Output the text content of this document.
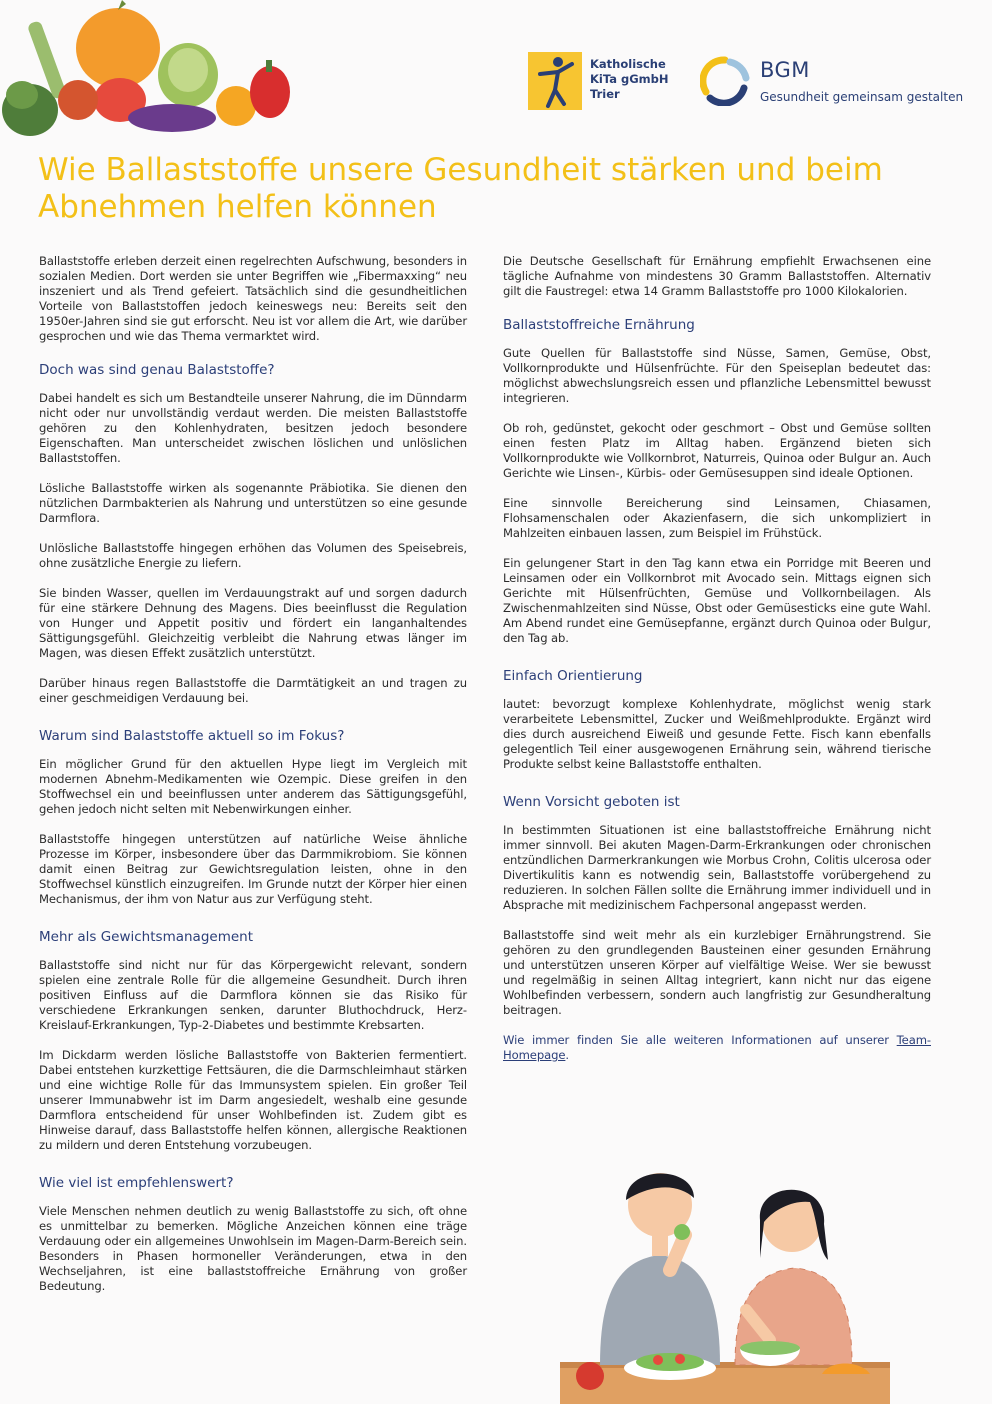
Katholische
KiTa gGmbH
Trier
BGM
Gesundheit gemeinsam gestalten
Wie Ballaststoffe unsere Gesundheit stärken und beim Abnehmen helfen können

Ballaststoffe erleben derzeit einen regelrechten Aufschwung, besonders in sozialen Medien. Dort werden sie unter Begriffen wie „Fibermaxxing“ neu inszeniert und als Trend gefeiert. Tatsächlich sind die gesundheitlichen Vorteile von Ballaststoffen jedoch keineswegs neu: Bereits seit den 1950er-Jahren sind sie gut erforscht. Neu ist vor allem die Art, wie darüber gesprochen und wie das Thema vermarktet wird.

Doch was sind genau Balaststoffe?

Dabei handelt es sich um Bestandteile unserer Nahrung, die im Dünndarm nicht oder nur unvollständig verdaut werden. Die meisten Ballaststoffe gehören zu den Kohlenhydraten, besitzen jedoch besondere Eigenschaften. Man unterscheidet zwischen löslichen und unlöslichen Ballaststoffen.

Lösliche Ballaststoffe wirken als sogenannte Präbiotika. Sie dienen den nützlichen Darmbakterien als Nahrung und unterstützen so eine gesunde Darmflora.

Unlösliche Ballaststoffe hingegen erhöhen das Volumen des Speisebreis, ohne zusätzliche Energie zu liefern.

Sie binden Wasser, quellen im Verdauungstrakt auf und sorgen dadurch für eine stärkere Dehnung des Magens. Dies beeinflusst die Regulation von Hunger und Appetit positiv und fördert ein langanhaltendes Sättigungsgefühl. Gleichzeitig verbleibt die Nahrung etwas länger im Magen, was diesen Effekt zusätzlich unterstützt.

Darüber hinaus regen Ballaststoffe die Darmtätigkeit an und tragen zu einer geschmeidigen Verdauung bei.

Warum sind Balaststoffe aktuell so im Fokus?

Ein möglicher Grund für den aktuellen Hype liegt im Vergleich mit modernen Abnehm-Medikamenten wie Ozempic. Diese greifen in den Stoffwechsel ein und beeinflussen unter anderem das Sättigungsgefühl, gehen jedoch nicht selten mit Nebenwirkungen einher.

Ballaststoffe hingegen unterstützen auf natürliche Weise ähnliche Prozesse im Körper, insbesondere über das Darmmikrobiom. Sie können damit einen Beitrag zur Gewichtsregulation leisten, ohne in den Stoffwechsel künstlich einzugreifen. Im Grunde nutzt der Körper hier einen Mechanismus, der ihm von Natur aus zur Verfügung steht.

Mehr als Gewichtsmanagement

Ballaststoffe sind nicht nur für das Körpergewicht relevant, sondern spielen eine zentrale Rolle für die allgemeine Gesundheit. Durch ihren positiven Einfluss auf die Darmflora können sie das Risiko für verschiedene Erkrankungen senken, darunter Bluthochdruck, Herz-Kreislauf-Erkrankungen, Typ-2-Diabetes und bestimmte Krebsarten.

Im Dickdarm werden lösliche Ballaststoffe von Bakterien fermentiert. Dabei entstehen kurzkettige Fettsäuren, die die Darmschleimhaut stärken und eine wichtige Rolle für das Immunsystem spielen. Ein großer Teil unserer Immunabwehr ist im Darm angesiedelt, weshalb eine gesunde Darmflora entscheidend für unser Wohlbefinden ist. Zudem gibt es Hinweise darauf, dass Ballaststoffe helfen können, allergische Reaktionen zu mildern und deren Entstehung vorzubeugen.

Wie viel ist empfehlenswert?

Viele Menschen nehmen deutlich zu wenig Ballaststoffe zu sich, oft ohne es unmittelbar zu bemerken. Mögliche Anzeichen können eine träge Verdauung oder ein allgemeines Unwohlsein im Magen-Darm-Bereich sein. Besonders in Phasen hormoneller Veränderungen, etwa in den Wechseljahren, ist eine ballaststoffreiche Ernährung von großer Bedeutung.

Die Deutsche Gesellschaft für Ernährung empfiehlt Erwachsenen eine tägliche Aufnahme von mindestens 30 Gramm Ballaststoffen. Alternativ gilt die Faustregel: etwa 14 Gramm Ballaststoffe pro 1000 Kilokalorien.

Ballaststoffreiche Ernährung

Gute Quellen für Ballaststoffe sind Nüsse, Samen, Gemüse, Obst, Vollkornprodukte und Hülsenfrüchte. Für den Speiseplan bedeutet das: möglichst abwechslungsreich essen und pflanzliche Lebensmittel bewusst integrieren.

Ob roh, gedünstet, gekocht oder geschmort – Obst und Gemüse sollten einen festen Platz im Alltag haben. Ergänzend bieten sich Vollkornprodukte wie Vollkornbrot, Naturreis, Quinoa oder Bulgur an. Auch Gerichte wie Linsen-, Kürbis- oder Gemüsesuppen sind ideale Optionen.

Eine sinnvolle Bereicherung sind Leinsamen, Chiasamen, Flohsamenschalen oder Akazienfasern, die sich unkompliziert in Mahlzeiten einbauen lassen, zum Beispiel im Frühstück.

Ein gelungener Start in den Tag kann etwa ein Porridge mit Beeren und Leinsamen oder ein Vollkornbrot mit Avocado sein. Mittags eignen sich Gerichte mit Hülsenfrüchten, Gemüse und Vollkornbeilagen. Als Zwischenmahlzeiten sind Nüsse, Obst oder Gemüsesticks eine gute Wahl. Am Abend rundet eine Gemüsepfanne, ergänzt durch Quinoa oder Bulgur, den Tag ab.

Einfach Orientierung

lautet: bevorzugt komplexe Kohlenhydrate, möglichst wenig stark verarbeitete Lebensmittel, Zucker und Weißmehlprodukte. Ergänzt wird dies durch ausreichend Eiweiß und gesunde Fette. Fisch kann ebenfalls gelegentlich Teil einer ausgewogenen Ernährung sein, während tierische Produkte selbst keine Ballaststoffe enthalten.

Wenn Vorsicht geboten ist

In bestimmten Situationen ist eine ballaststoffreiche Ernährung nicht immer sinnvoll. Bei akuten Magen-Darm-Erkrankungen oder chronischen entzündlichen Darmerkrankungen wie Morbus Crohn, Colitis ulcerosa oder Divertikulitis kann es notwendig sein, Ballaststoffe vorübergehend zu reduzieren. In solchen Fällen sollte die Ernährung immer individuell und in Absprache mit medizinischem Fachpersonal angepasst werden.

Ballaststoffe sind weit mehr als ein kurzlebiger Ernährungstrend. Sie gehören zu den grundlegenden Bausteinen einer gesunden Ernährung und unterstützen unseren Körper auf vielfältige Weise. Wer sie bewusst und regelmäßig in seinen Alltag integriert, kann nicht nur das eigene Wohlbefinden verbessern, sondern auch langfristig zur Gesundheraltung beitragen.

Wie immer finden Sie alle weiteren Informationen auf unserer Team-Homepage.
